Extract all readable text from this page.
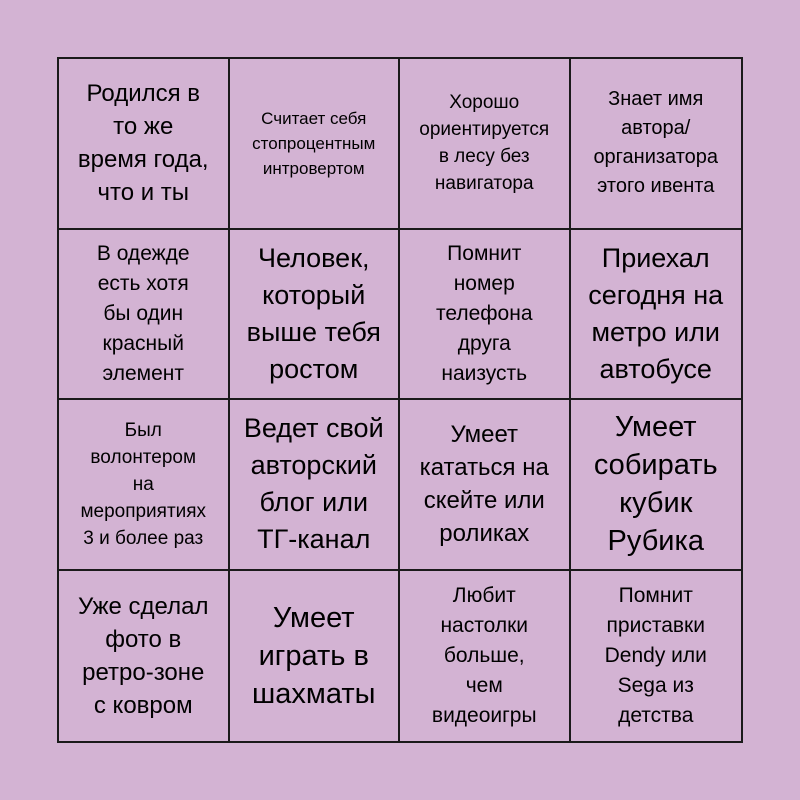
Родился в
то же
время года,
что и ты
Считает себя
стопроцентным
интровертом
Хорошо
ориентируется
в лесу без
навигатора
Знает имя
автора/
организатора
этого ивента
В одежде
есть хотя
бы один
красный
элемент
Человек,
который
выше тебя
ростом
Помнит
номер
телефона
друга
наизусть
Приехал
сегодня на
метро или
автобусе
Был
волонтером
на
мероприятиях
3 и более раз
Ведет свой
авторский
блог или
ТГ-канал
Умеет
кататься на
скейте или
роликах
Умеет
собирать
кубик
Рубика
Уже сделал
фото в
ретро-зоне
с ковром
Умеет
играть в
шахматы
Любит
настолки
больше,
чем
видеоигры
Помнит
приставки
Dendy или
Sega из
детства
